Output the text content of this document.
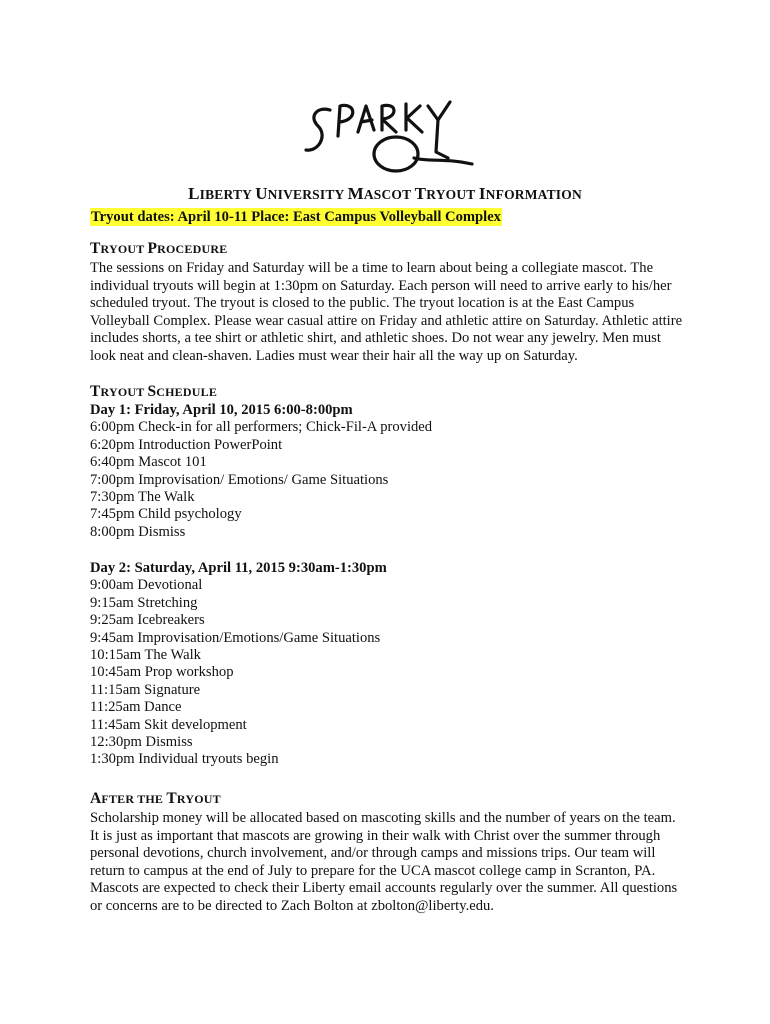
LIBERTY UNIVERSITY MASCOT TRYOUT INFORMATION
Tryout dates: April 10-11 Place: East Campus Volleyball Complex
TRYOUT PROCEDURE
The sessions on Friday and Saturday will be a time to learn about being a collegiate mascot. The
individual tryouts will begin at 1:30pm on Saturday. Each person will need to arrive early to his/her
scheduled tryout. The tryout is closed to the public. The tryout location is at the East Campus
Volleyball Complex. Please wear casual attire on Friday and athletic attire on Saturday. Athletic attire
includes shorts, a tee shirt or athletic shirt, and athletic shoes. Do not wear any jewelry. Men must
look neat and clean-shaven. Ladies must wear their hair all the way up on Saturday.
TRYOUT SCHEDULE
Day 1: Friday, April 10, 2015 6:00-8:00pm
6:00pm Check-in for all performers; Chick-Fil-A provided
6:20pm Introduction PowerPoint
6:40pm Mascot 101
7:00pm Improvisation/ Emotions/ Game Situations
7:30pm The Walk
7:45pm Child psychology
8:00pm Dismiss
Day 2: Saturday, April 11, 2015 9:30am-1:30pm
9:00am Devotional
9:15am Stretching
9:25am Icebreakers
9:45am Improvisation/Emotions/Game Situations
10:15am The Walk
10:45am Prop workshop
11:15am Signature
11:25am Dance
11:45am Skit development
12:30pm Dismiss
1:30pm Individual tryouts begin
AFTER THE TRYOUT
Scholarship money will be allocated based on mascoting skills and the number of years on the team.
It is just as important that mascots are growing in their walk with Christ over the summer through
personal devotions, church involvement, and/or through camps and missions trips. Our team will
return to campus at the end of July to prepare for the UCA mascot college camp in Scranton, PA.
Mascots are expected to check their Liberty email accounts regularly over the summer. All questions
or concerns are to be directed to Zach Bolton at zbolton@liberty.edu.
